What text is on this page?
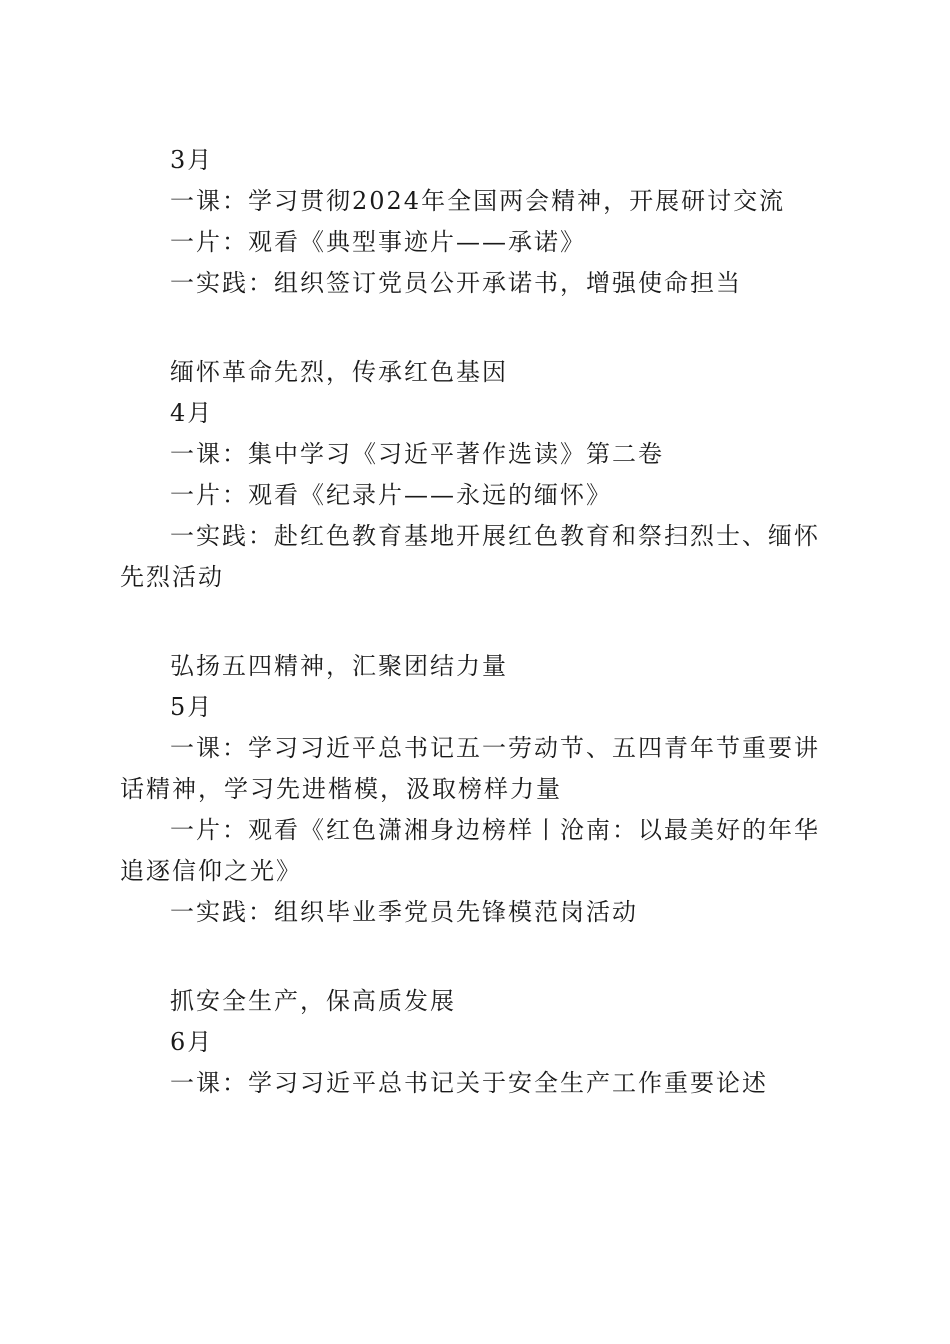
3月

一课：学习贯彻2024年全国两会精神，开展研讨交流

一片：观看《典型事迹片——承诺》

一实践：组织签订党员公开承诺书，增强使命担当

缅怀革命先烈，传承红色基因

4月

一课：集中学习《习近平著作选读》第二卷

一片：观看《纪录片——永远的缅怀》

一实践：赴红色教育基地开展红色教育和祭扫烈士、缅怀先烈活动

弘扬五四精神，汇聚团结力量

5月

一课：学习习近平总书记五一劳动节、五四青年节重要讲话精神，学习先进楷模，汲取榜样力量

一片：观看《红色潇湘身边榜样丨沧南：以最美好的年华追逐信仰之光》

一实践：组织毕业季党员先锋模范岗活动

抓安全生产，保高质发展

6月

一课：学习习近平总书记关于安全生产工作重要论述
